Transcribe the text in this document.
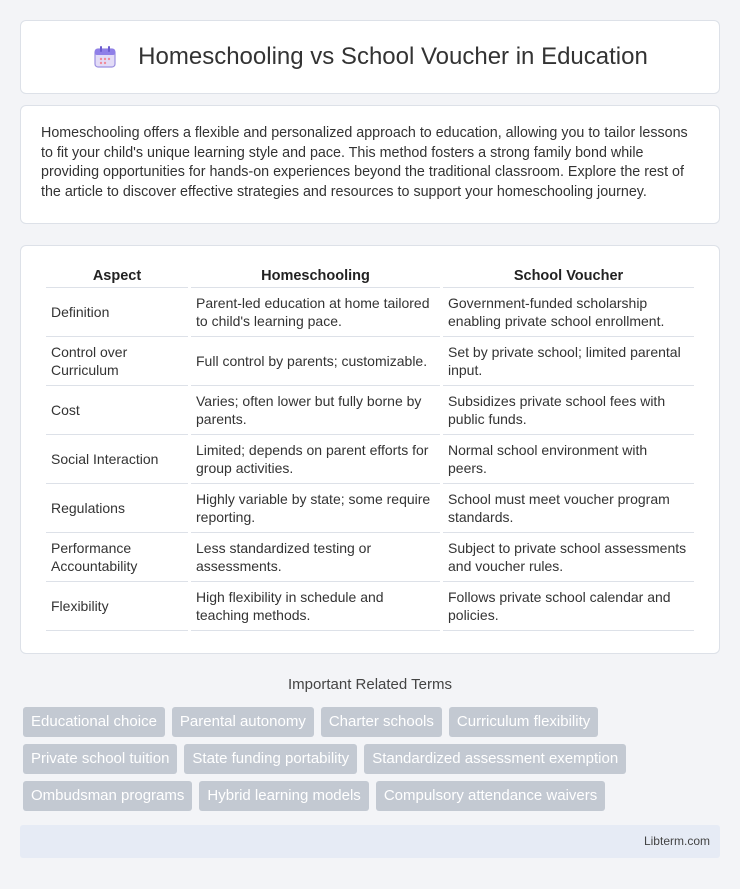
Homeschooling vs School Voucher in Education

Homeschooling offers a flexible and personalized approach to education, allowing you to tailor lessons to fit your child's unique learning style and pace. This method fosters a strong family bond while providing opportunities for hands-on experiences beyond the traditional classroom. Explore the rest of the article to discover effective strategies and resources to support your homeschooling journey.

Aspect	Homeschooling	School Voucher
Definition	Parent-led education at home tailored to child's learning pace.	Government-funded scholarship enabling private school enrollment.
Control over Curriculum	Full control by parents; customizable.	Set by private school; limited parental input.
Cost	Varies; often lower but fully borne by parents.	Subsidizes private school fees with public funds.
Social Interaction	Limited; depends on parent efforts for group activities.	Normal school environment with peers.
Regulations	Highly variable by state; some require reporting.	School must meet voucher program standards.
Performance Accountability	Less standardized testing or assessments.	Subject to private school assessments and voucher rules.
Flexibility	High flexibility in schedule and teaching methods.	Follows private school calendar and policies.
Important Related Terms
Educational choice	Parental autonomy	Charter schools	Curriculum flexibility
Private school tuition	State funding portability	Standardized assessment exemption
Ombudsman programs	Hybrid learning models	Compulsory attendance waivers
Libterm.com
